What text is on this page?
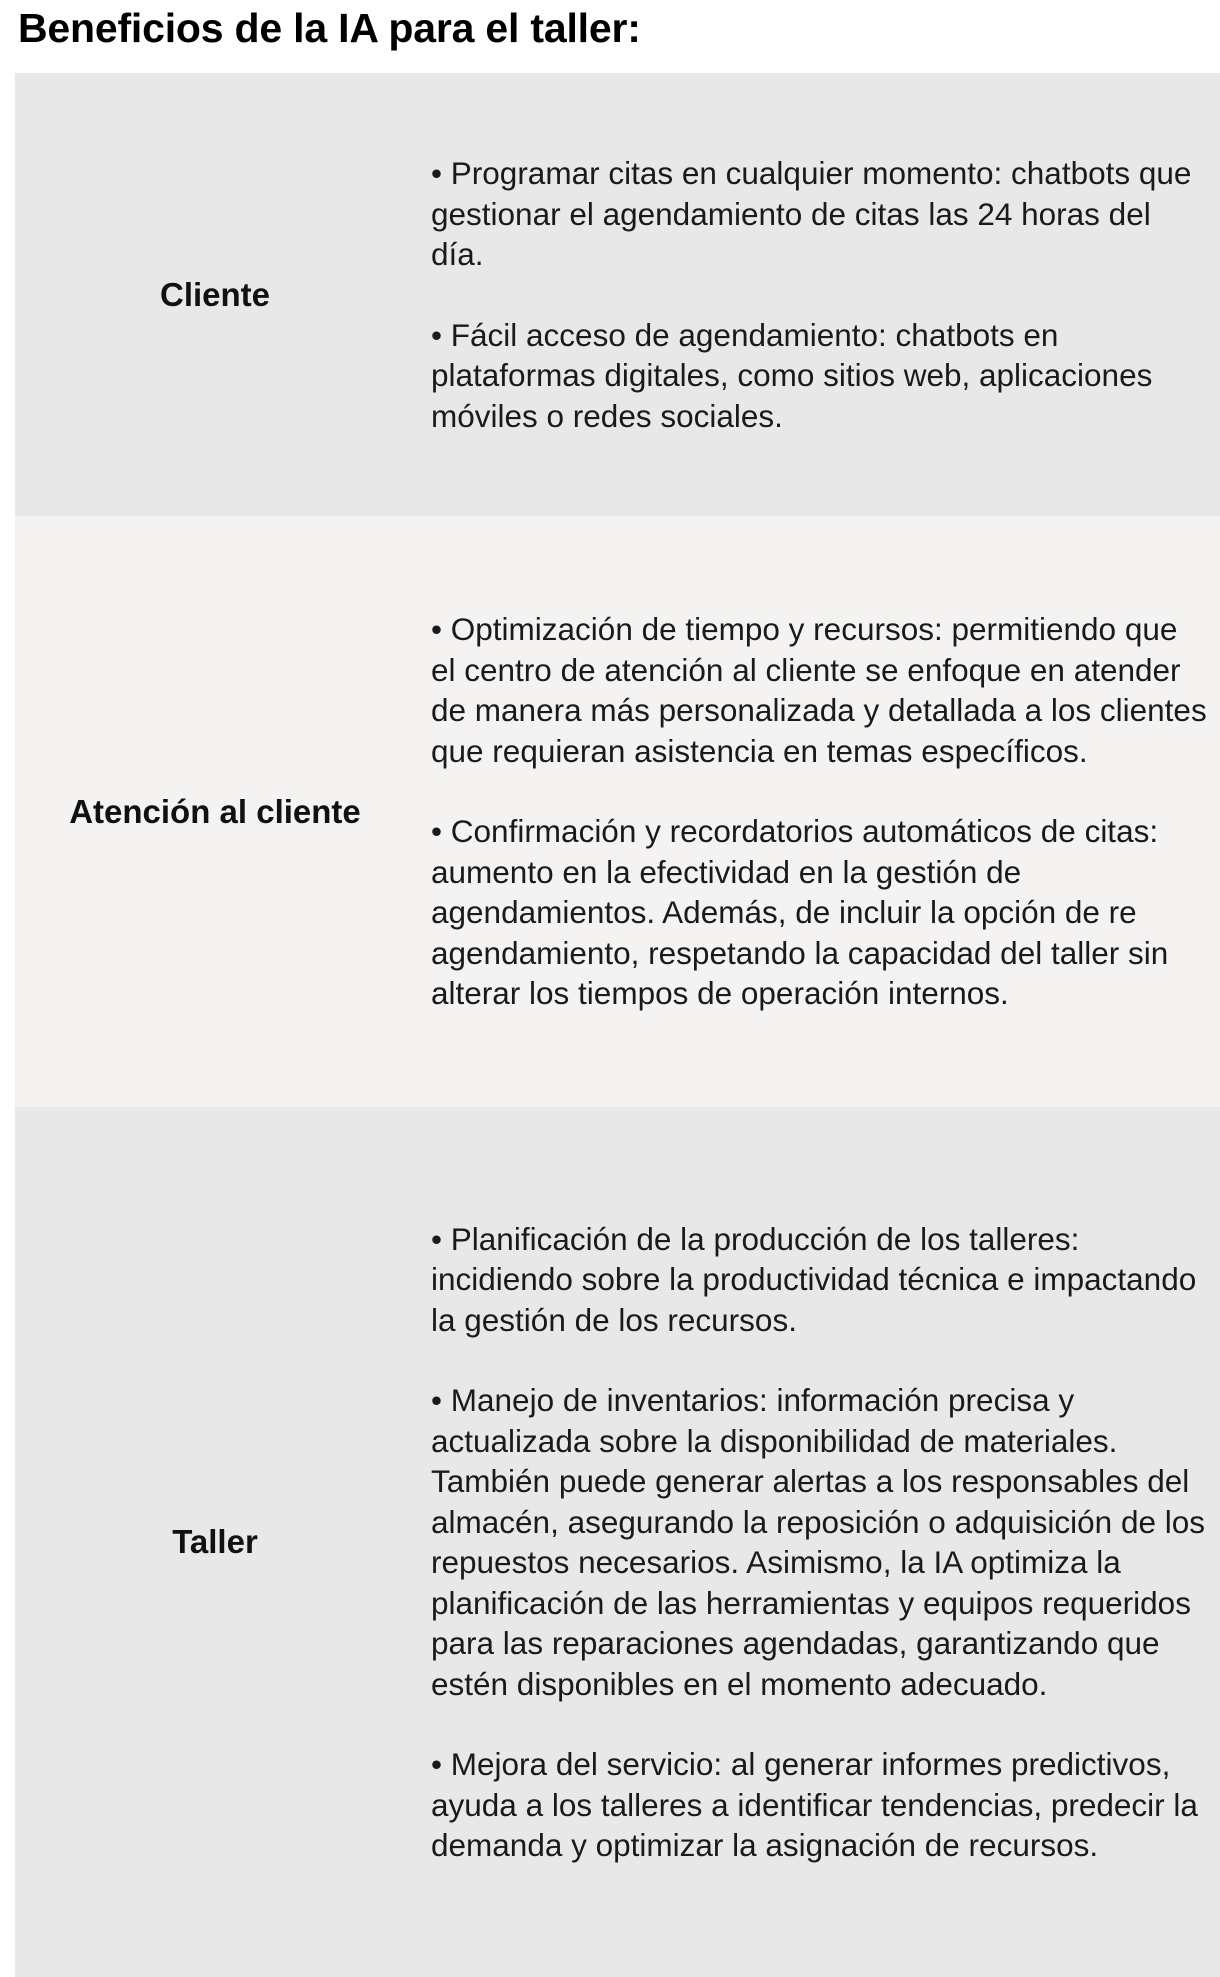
Beneficios de la IA para el taller:
Cliente

• Programar citas en cualquier momento: chatbots que gestionar el agendamiento de citas las 24 horas del día.

• Fácil acceso de agendamiento: chatbots en plataformas digitales, como sitios web, aplicaciones móviles o redes sociales.

Atención al cliente

• Optimización de tiempo y recursos: permitiendo que el centro de atención al cliente se enfoque en atender de manera más personalizada y detallada a los clientes que requieran asistencia en temas específicos.

• Confirmación y recordatorios automáticos de citas: aumento en la efectividad en la gestión de agendamientos. Además, de incluir la opción de re agendamiento, respetando la capacidad del taller sin alterar los tiempos de operación internos.

Taller

• Planificación de la producción de los talleres: incidiendo sobre la productividad técnica e impactando la gestión de los recursos.

• Manejo de inventarios: información precisa y actualizada sobre la disponibilidad de materiales. También puede generar alertas a los responsables del almacén, asegurando la reposición o adquisición de los repuestos necesarios. Asimismo, la IA optimiza la planificación de las herramientas y equipos requeridos para las reparaciones agendadas, garantizando que estén disponibles en el momento adecuado.

• Mejora del servicio: al generar informes predictivos, ayuda a los talleres a identificar tendencias, predecir la demanda y optimizar la asignación de recursos.
